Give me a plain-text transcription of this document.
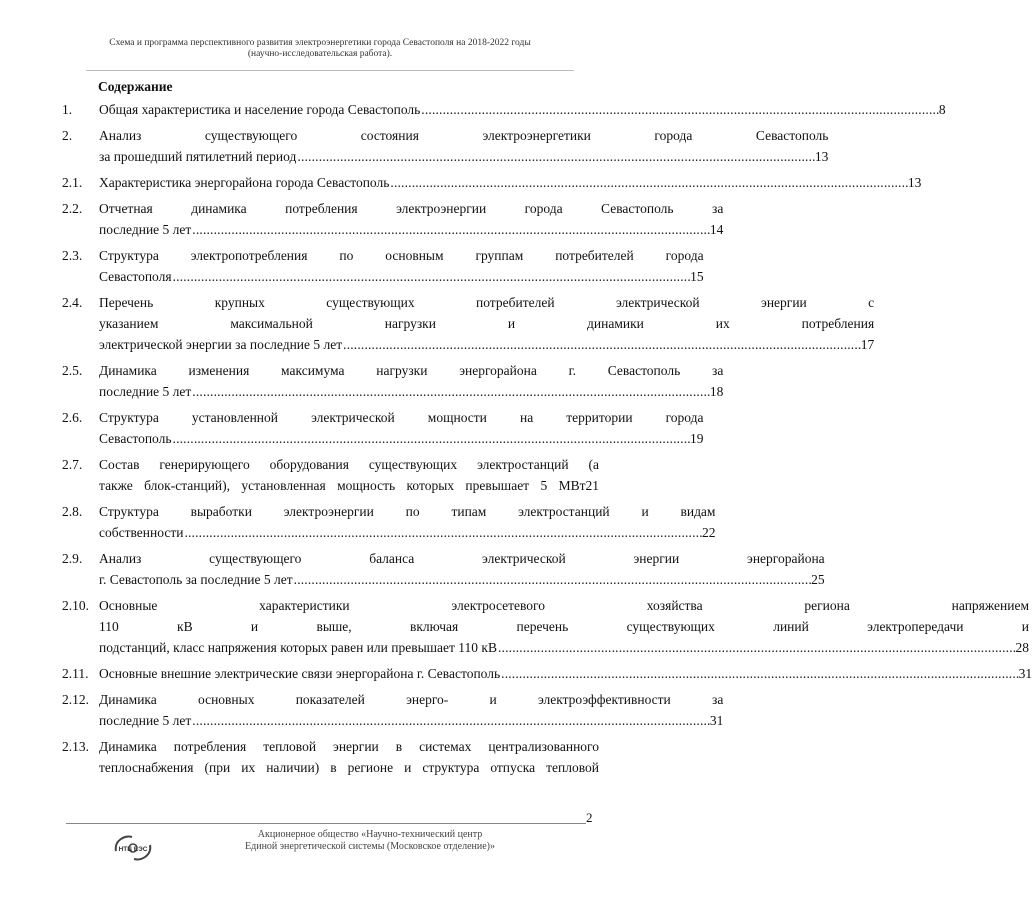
Схема и программа перспективного развития электроэнергетики города Севастополя на 2018-2022 годы
(научно-исследовательская работа).
Содержание
1.	Общая характеристика и население города Севастополь . . .	8
2.	Анализ существующего состояния электроэнергетики города Севастополь
за прошедший пятилетний период . . .	13
2.1.	Характеристика энергорайона города Севастополь . . .	13
2.2.	Отчетная динамика потребления электроэнергии города Севастополь за
последние 5 лет . . .	14
2.3.	Структура электропотребления по основным группам потребителей города
Севастополя . . .	15
2.4.	Перечень крупных существующих потребителей электрической энергии с
указанием максимальной нагрузки и динамики их потребления
электрической энергии за последние 5 лет . . .	17
2.5.	Динамика изменения максимума нагрузки энергорайона г. Севастополь за
последние 5 лет . . .	18
2.6.	Структура установленной электрической мощности на территории города
Севастополь . . .	19
2.7.	Состав генерирующего оборудования существующих электростанций (а
также блок-станций), установленная мощность которых превышает 5 МВт21
2.8.	Структура выработки электроэнергии по типам электростанций и видам
собственности . . .	22
2.9.	Анализ существующего баланса электрической энергии энергорайона
г. Севастополь за последние 5 лет . . .	25
2.10. Основные характеристики электросетевого хозяйства региона напряжением
110 кВ и выше, включая перечень существующих линий электропередачи и
подстанций, класс напряжения которых равен или превышает 110 кВ . . .	28
2.11. Основные внешние электрические связи энергорайона г. Севастополь . . .	31
2.12. Динамика основных показателей энерго- и электроэффективности за
последние 5 лет . . .	31
2.13. Динамика потребления тепловой энергии в системах централизованного
теплоснабжения (при их наличии) в регионе и структура отпуска тепловой
2
НТЦ ЕЭС
Акционерное общество «Научно-технический центр
Единой энергетической системы (Московское отделение)»
